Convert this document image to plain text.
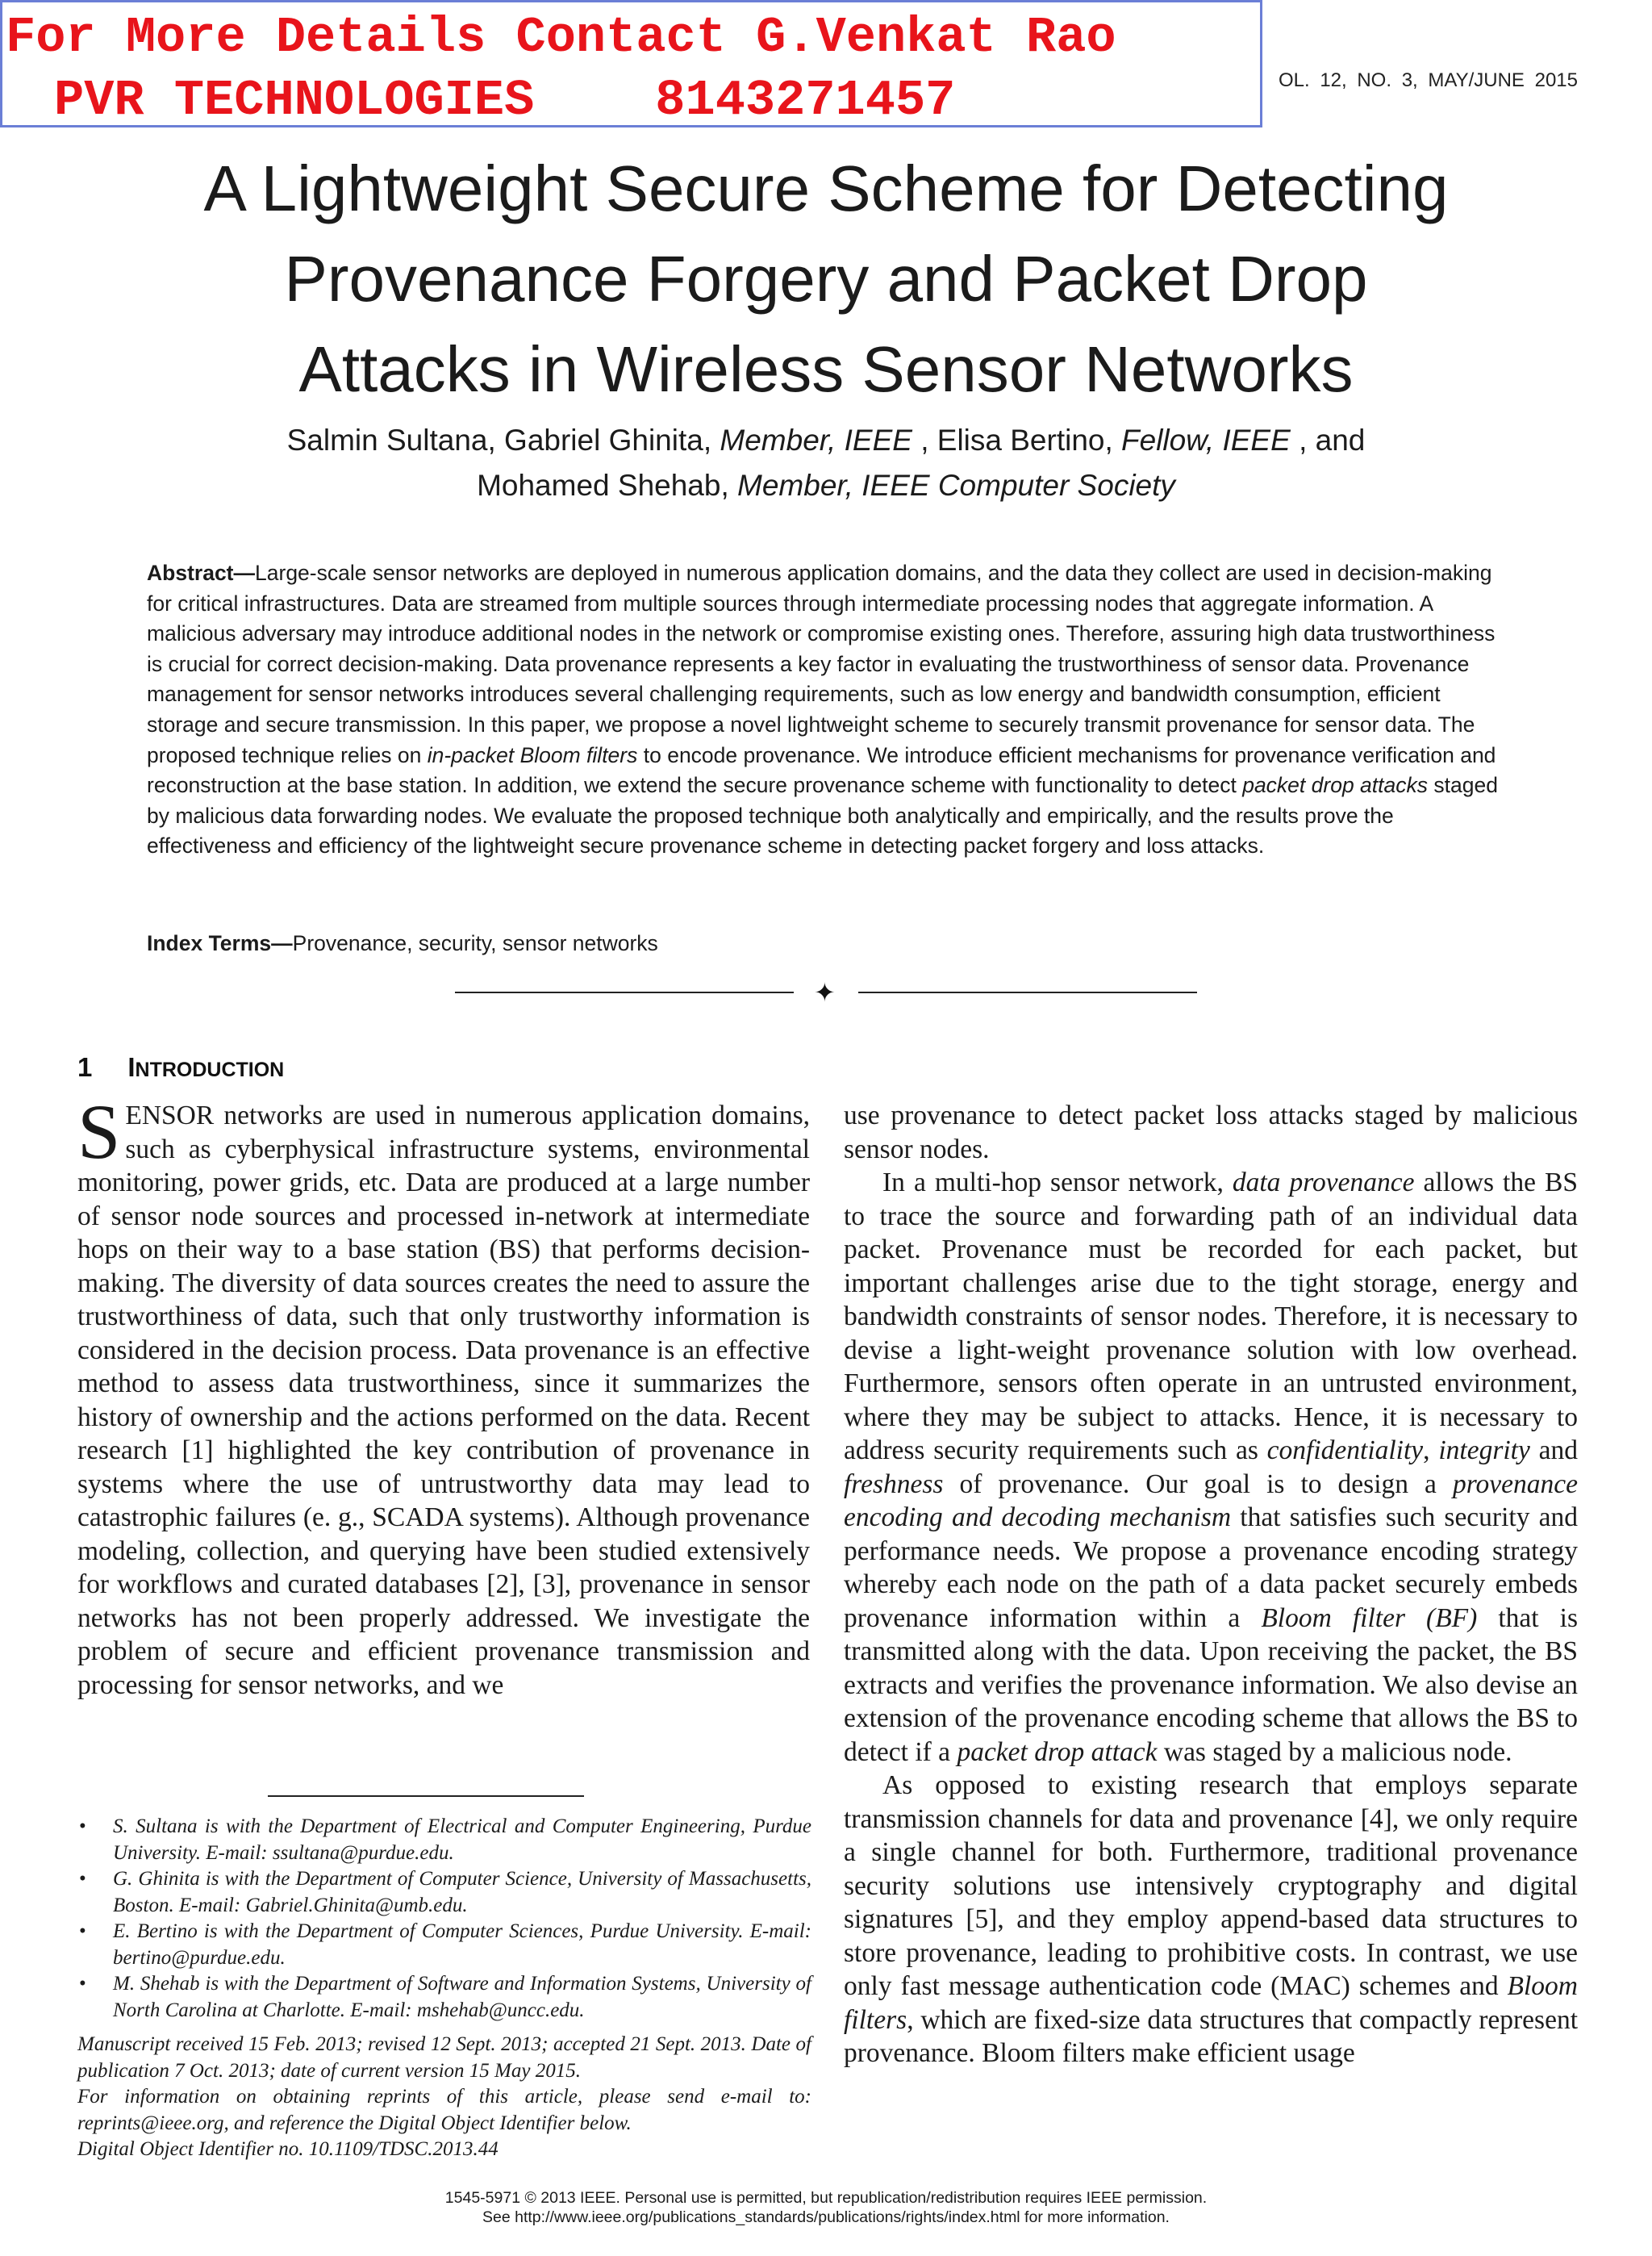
For More Details Contact G.Venkat Rao
PVR TECHNOLOGIES 8143271457	OL. 12, NO. 3, MAY/JUNE 2015
A Lightweight Secure Scheme for Detecting
Provenance Forgery and Packet Drop
Attacks in Wireless Sensor Networks
Salmin Sultana, Gabriel Ghinita, Member, IEEE , Elisa Bertino, Fellow, IEEE , and
Mohamed Shehab, Member, IEEE Computer Society
Abstract—Large-scale sensor networks are deployed in numerous application domains, and the data they collect are used in decision-making for critical infrastructures. Data are streamed from multiple sources through intermediate processing nodes that aggregate information. A malicious adversary may introduce additional nodes in the network or compromise existing ones. Therefore, assuring high data trustworthiness is crucial for correct decision-making. Data provenance represents a key factor in evaluating the trustworthiness of sensor data. Provenance management for sensor networks introduces several challenging requirements, such as low energy and bandwidth consumption, efficient storage and secure transmission. In this paper, we propose a novel lightweight scheme to securely transmit provenance for sensor data. The proposed technique relies on in-packet Bloom filters to encode provenance. We introduce efficient mechanisms for provenance verification and reconstruction at the base station. In addition, we extend the secure provenance scheme with functionality to detect packet drop attacks staged by malicious data forwarding nodes. We evaluate the proposed technique both analytically and empirically, and the results prove the effectiveness and efficiency of the lightweight secure provenance scheme in detecting packet forgery and loss attacks.
Index Terms—Provenance, security, sensor networks
✦
1 INTRODUCTION

SENSOR networks are used in numerous application domains, such as cyberphysical infrastructure systems, environmental monitoring, power grids, etc. Data are produced at a large number of sensor node sources and processed in-network at intermediate hops on their way to a base station (BS) that performs decision-making. The diversity of data sources creates the need to assure the trustworthiness of data, such that only trustworthy information is considered in the decision process. Data provenance is an effective method to assess data trustworthiness, since it summarizes the history of ownership and the actions performed on the data. Recent research [1] highlighted the key contribution of provenance in systems where the use of untrustworthy data may lead to catastrophic failures (e. g., SCADA systems). Although provenance modeling, collection, and querying have been studied extensively for workflows and curated databases [2], [3], provenance in sensor networks has not been properly addressed. We investigate the problem of secure and efficient provenance transmission and processing for sensor networks, and we

• S. Sultana is with the Department of Electrical and Computer Engineering, Purdue University. E-mail: ssultana@purdue.edu.
• G. Ghinita is with the Department of Computer Science, University of Massachusetts, Boston. E-mail: Gabriel.Ghinita@umb.edu.
• E. Bertino is with the Department of Computer Sciences, Purdue University. E-mail: bertino@purdue.edu.
• M. Shehab is with the Department of Software and Information Systems, University of North Carolina at Charlotte. E-mail: mshehab@uncc.edu.
Manuscript received 15 Feb. 2013; revised 12 Sept. 2013; accepted 21 Sept. 2013. Date of publication 7 Oct. 2013; date of current version 15 May 2015.
For information on obtaining reprints of this article, please send e-mail to: reprints@ieee.org, and reference the Digital Object Identifier below.
Digital Object Identifier no. 10.1109/TDSC.2013.44

use provenance to detect packet loss attacks staged by malicious sensor nodes.

In a multi-hop sensor network, data provenance allows the BS to trace the source and forwarding path of an individual data packet. Provenance must be recorded for each packet, but important challenges arise due to the tight storage, energy and bandwidth constraints of sensor nodes. Therefore, it is necessary to devise a light-weight provenance solution with low overhead. Furthermore, sensors often operate in an untrusted environment, where they may be subject to attacks. Hence, it is necessary to address security requirements such as confidentiality, integrity and freshness of provenance. Our goal is to design a provenance encoding and decoding mechanism that satisfies such security and performance needs. We propose a provenance encoding strategy whereby each node on the path of a data packet securely embeds provenance information within a Bloom filter (BF) that is transmitted along with the data. Upon receiving the packet, the BS extracts and verifies the provenance information. We also devise an extension of the provenance encoding scheme that allows the BS to detect if a packet drop attack was staged by a malicious node.

As opposed to existing research that employs separate transmission channels for data and provenance [4], we only require a single channel for both. Furthermore, traditional provenance security solutions use intensively cryptography and digital signatures [5], and they employ append-based data structures to store provenance, leading to prohibitive costs. In contrast, we use only fast message authentication code (MAC) schemes and Bloom filters, which are fixed-size data structures that compactly represent provenance. Bloom filters make efficient usage

1545-5971 © 2013 IEEE. Personal use is permitted, but republication/redistribution requires IEEE permission.
See http://www.ieee.org/publications_standards/publications/rights/index.html for more information.
